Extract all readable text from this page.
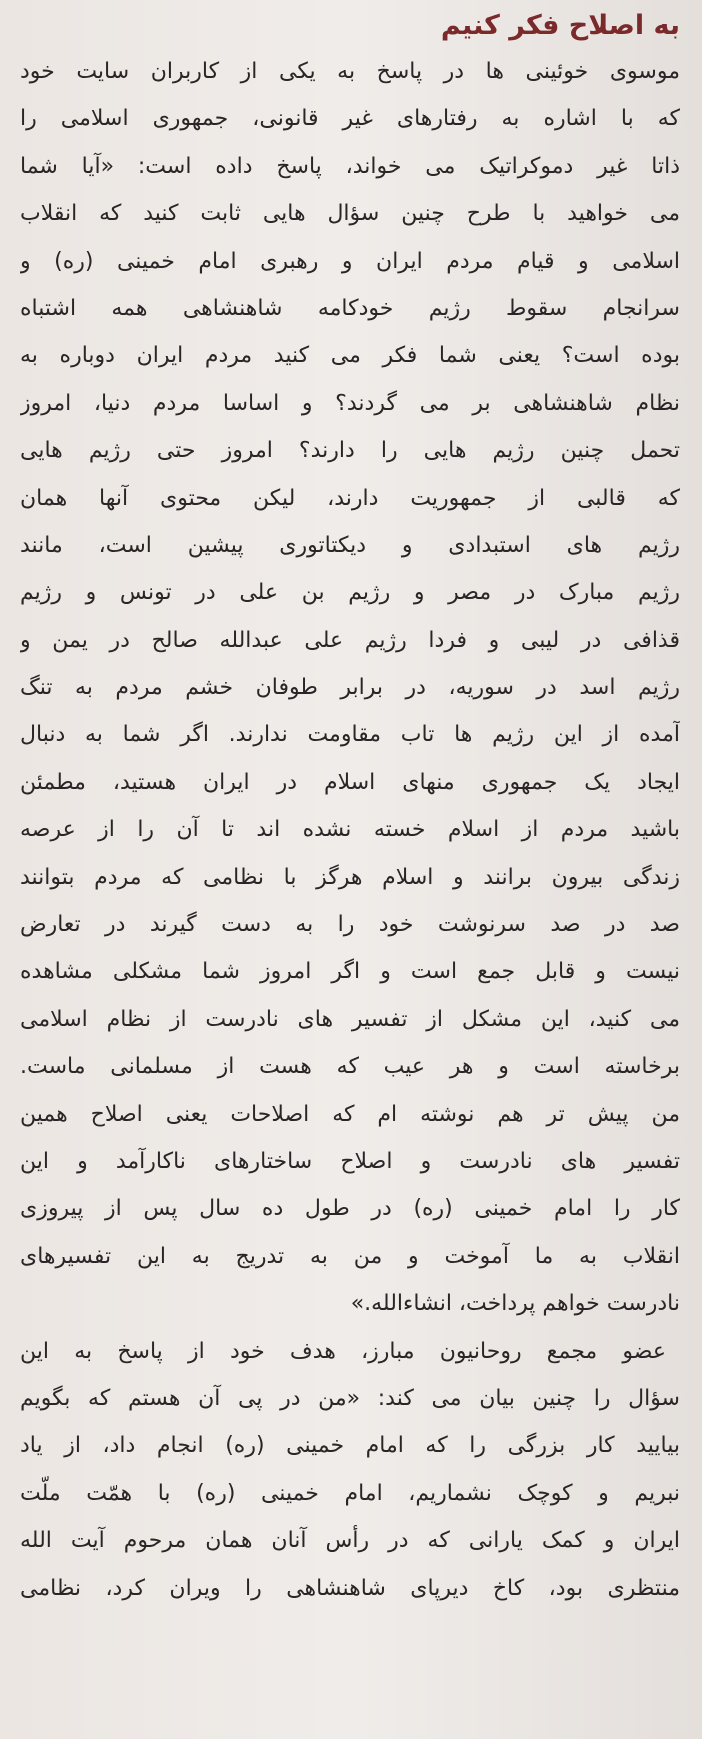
به اصلاح فکر کنیم
موسوی خوئینی ها در پاسخ به یکی از کاربران سایت خود
که با اشاره به رفتارهای غیر قانونی، جمهوری اسلامی را
ذاتا غیر دموکراتیک می خواند، پاسخ داده است: «آیا شما
می خواهید با طرح چنین سؤال هایی ثابت کنید که انقلاب
اسلامی و قیام مردم ایران و رهبری امام خمینی (ره) و
سرانجام سقوط رژیم خودکامه شاهنشاهی همه اشتباه
بوده است؟ یعنی شما فکر می کنید مردم ایران دوباره به
نظام شاهنشاهی بر می گردند؟ و اساسا مردم دنیا، امروز
تحمل چنین رژیم هایی را دارند؟ امروز حتی رژیم هایی
که قالبی از جمهوریت دارند، لیکن محتوی آنها همان
رژیم های استبدادی و دیکتاتوری پیشین است، مانند
رژیم مبارک در مصر و رژیم بن علی در تونس و رژیم
قذافی در لیبی و فردا رژیم علی عبدالله صالح در یمن و
رژیم اسد در سوریه، در برابر طوفان خشم مردم به تنگ
آمده از این رژیم ها تاب مقاومت ندارند. اگر شما به دنبال
ایجاد یک جمهوری منهای اسلام در ایران هستید، مطمئن
باشید مردم از اسلام خسته نشده اند تا آن را از عرصه
زندگی بیرون برانند و اسلام هرگز با نظامی که مردم بتوانند
صد در صد سرنوشت خود را به دست گیرند در تعارض
نیست و قابل جمع است و اگر امروز شما مشکلی مشاهده
می کنید، این مشکل از تفسیر های نادرست از نظام اسلامی
برخاسته است و هر عیب که هست از مسلمانی ماست.
من پیش تر هم نوشته ام که اصلاحات یعنی اصلاح همین
تفسیر های نادرست و اصلاح ساختارهای ناکارآمد و این
کار را امام خمینی (ره) در طول ده سال پس از پیروزی
انقلاب به ما آموخت و من به تدریج به این تفسیرهای
نادرست خواهم پرداخت، انشاءالله.»
عضو مجمع روحانیون مبارز، هدف خود از پاسخ به این
سؤال را چنین بیان می کند: «من در پی آن هستم که بگویم
بیایید کار بزرگی را که امام خمینی (ره) انجام داد، از یاد
نبریم و کوچک نشماریم، امام خمینی (ره) با همّت ملّت
ایران و کمک یارانی که در رأس آنان همان مرحوم آیت الله
منتظری بود، کاخ دیرپای شاهنشاهی را ویران کرد، نظامی
